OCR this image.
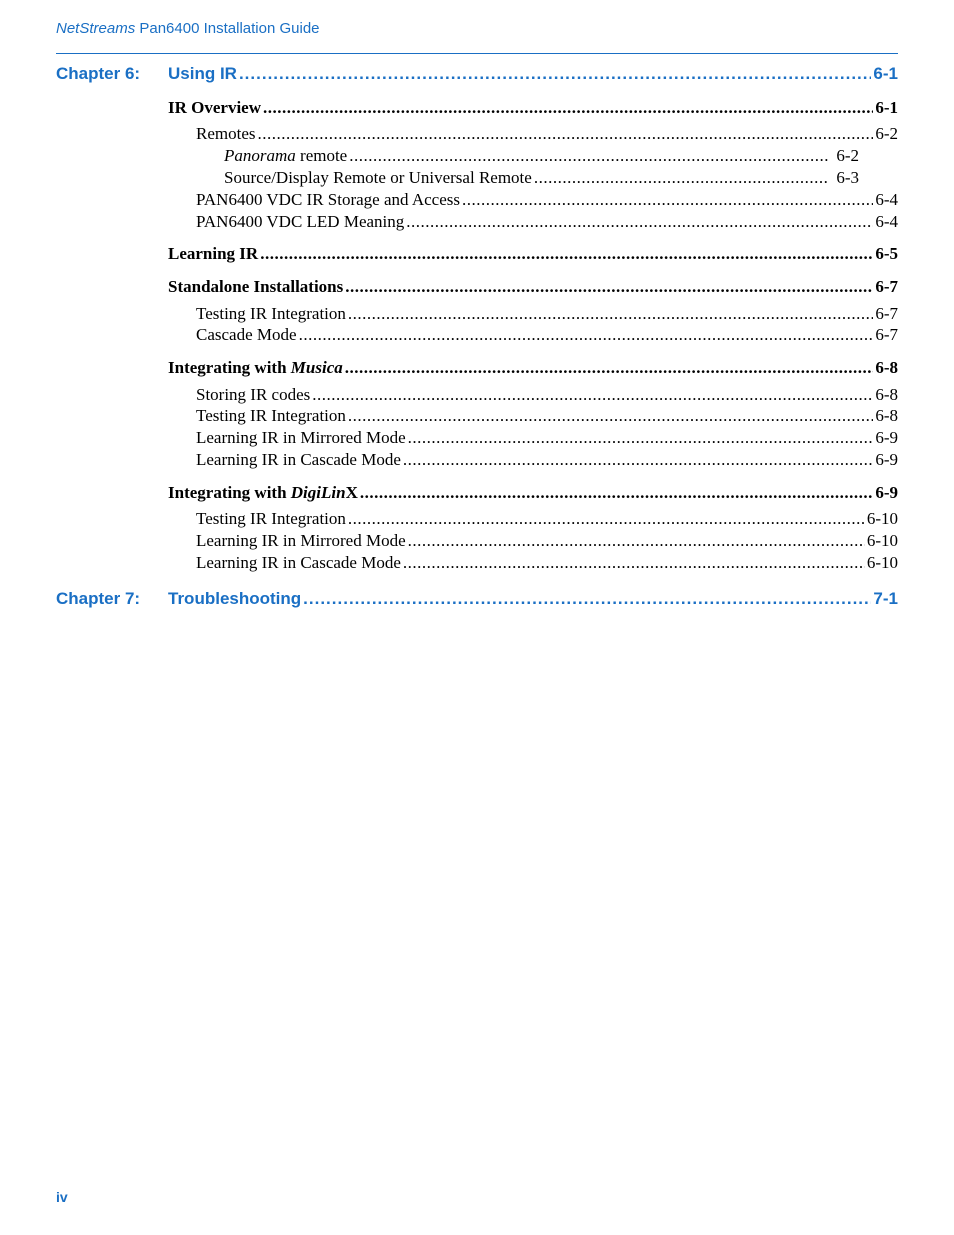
NetStreams Pan6400 Installation Guide
Chapter 6:	Using IR .....	6-1
IR Overview .....	6-1
Remotes .....	6-2
Panorama remote .....	6-2
Source/Display Remote or Universal Remote .....	6-3
PAN6400 VDC IR Storage and Access .....	6-4
PAN6400 VDC LED Meaning .....	6-4
Learning IR .....	6-5
Standalone Installations .....	6-7
Testing IR Integration .....	6-7
Cascade Mode .....	6-7
Integrating with Musica .....	6-8
Storing IR codes .....	6-8
Testing IR Integration .....	6-8
Learning IR in Mirrored Mode .....	6-9
Learning IR in Cascade Mode .....	6-9
Integrating with DigiLinX .....	6-9
Testing IR Integration .....	6-10
Learning IR in Mirrored Mode .....	6-10
Learning IR in Cascade Mode .....	6-10
Chapter 7:	Troubleshooting .....	7-1
iv
